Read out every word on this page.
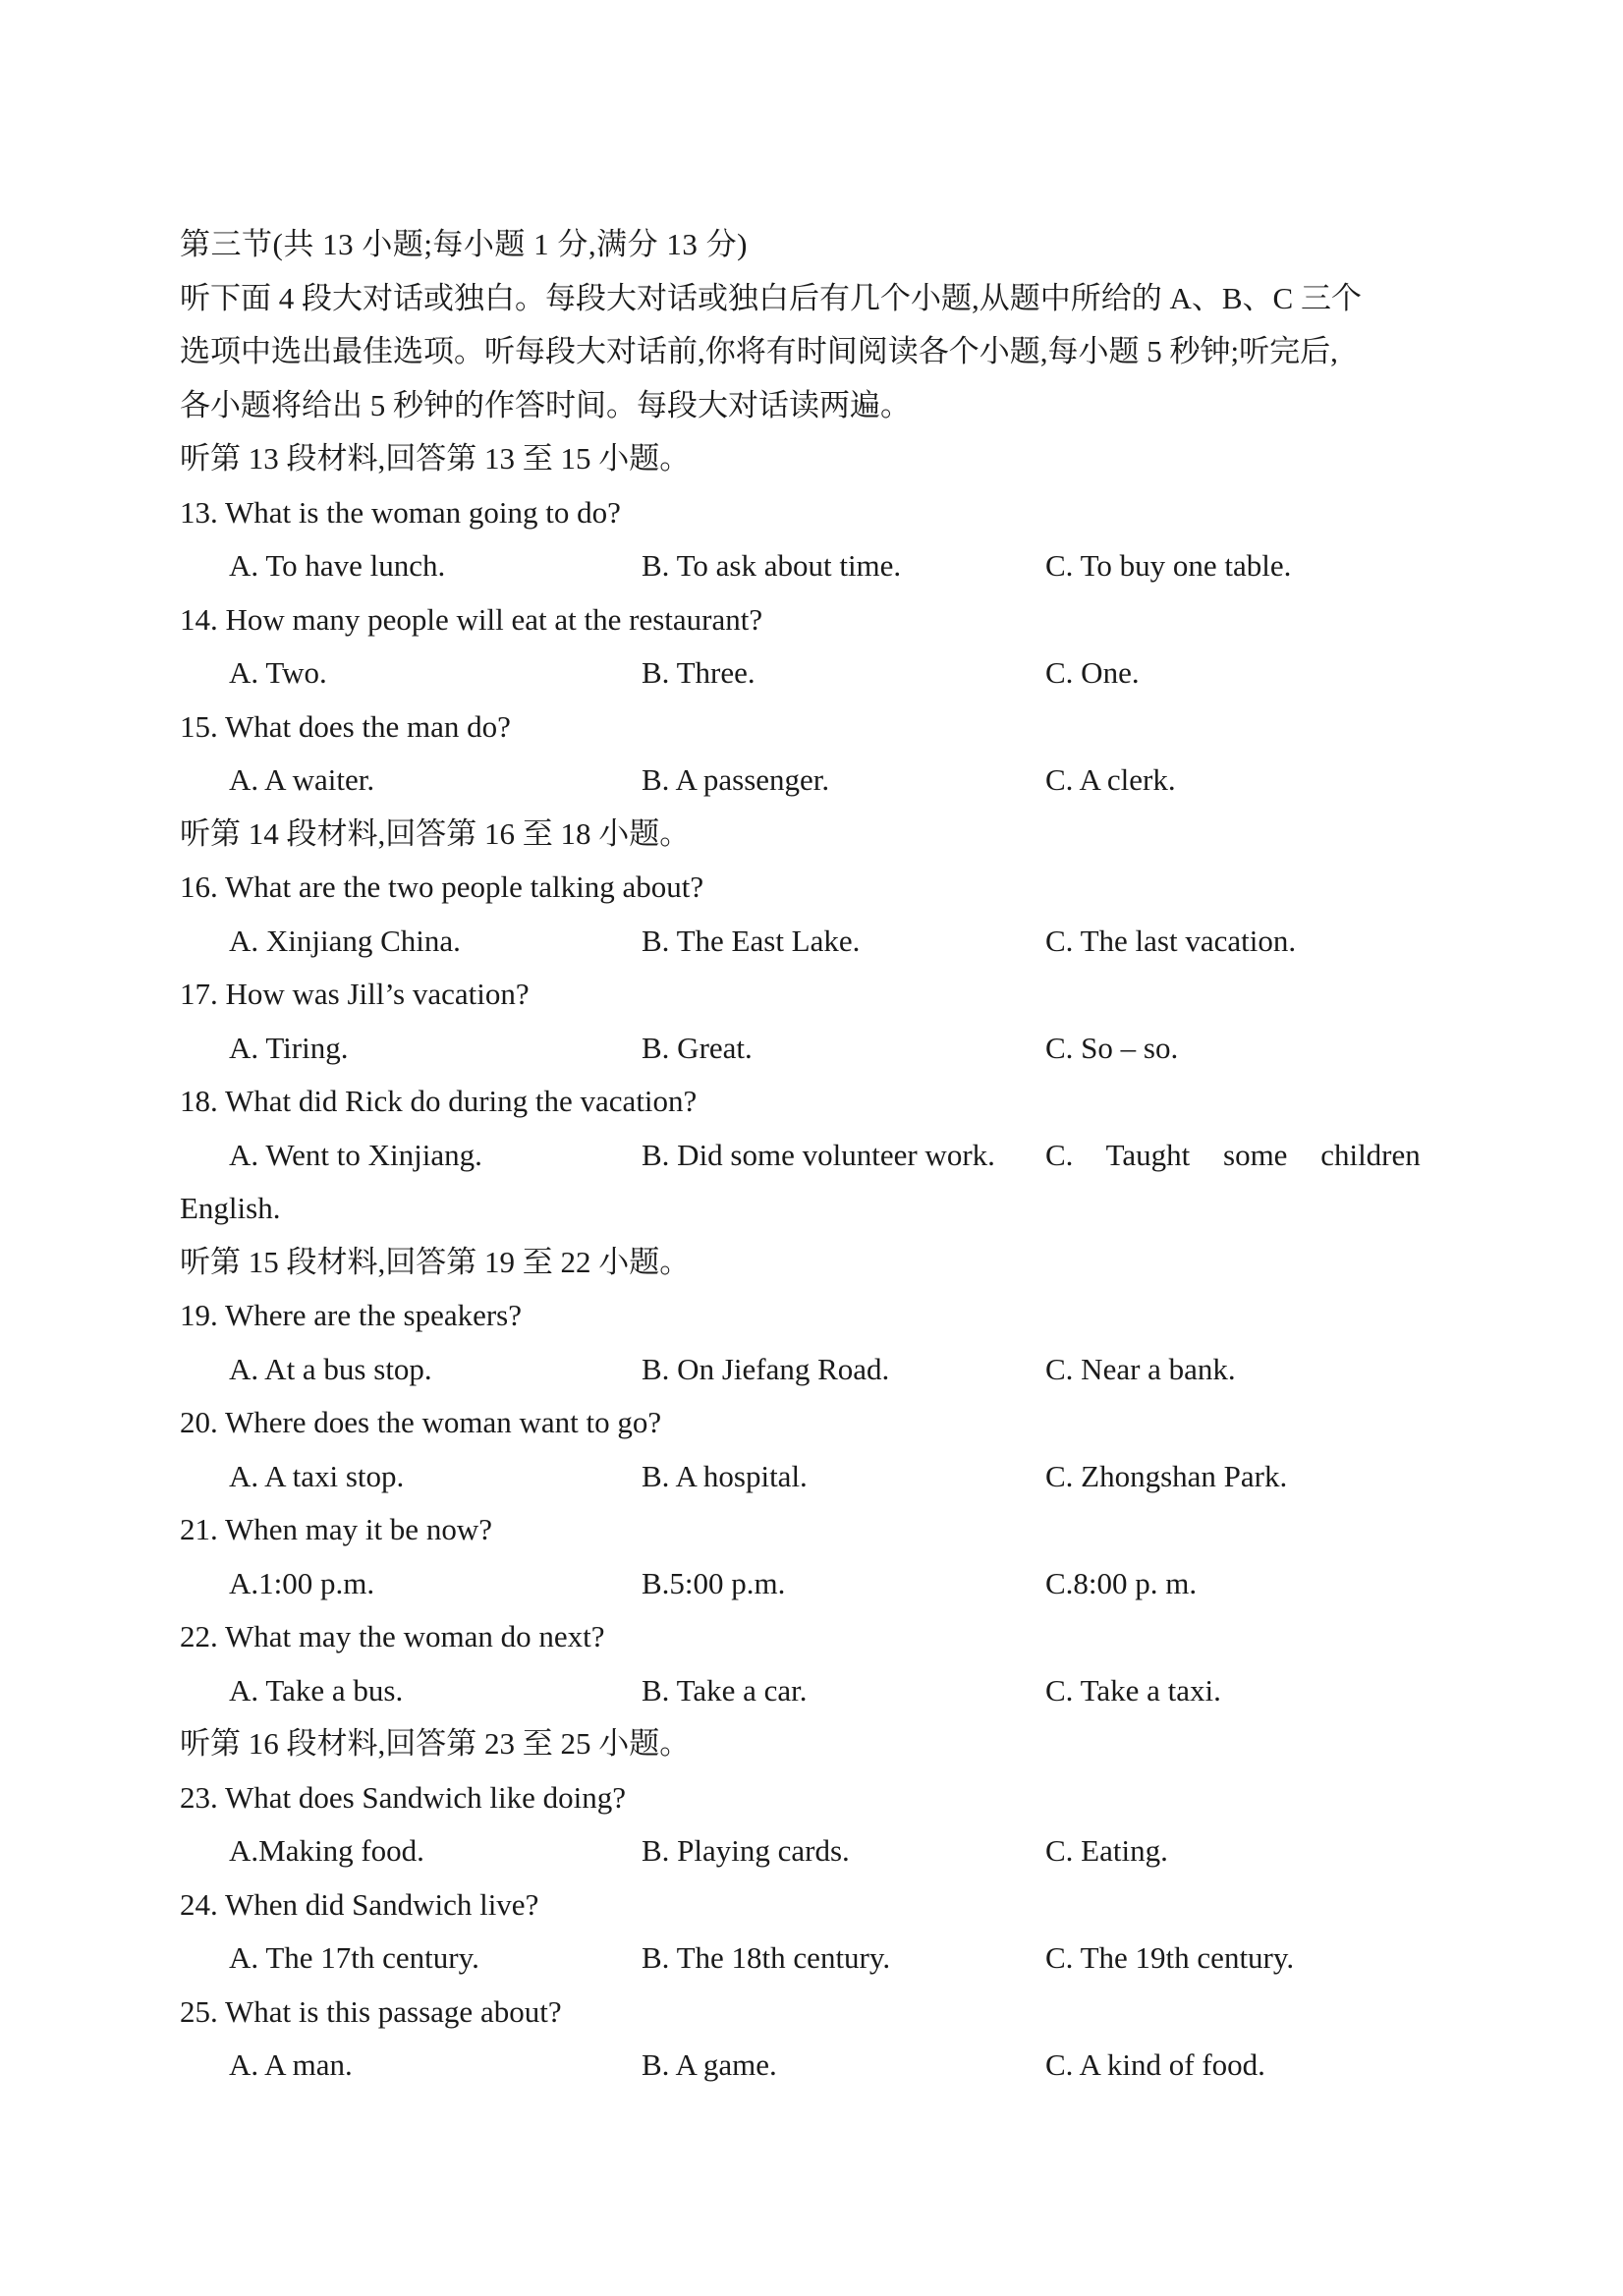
第三节(共 13 小题;每小题 1 分,满分 13 分)
听下面 4 段大对话或独白。每段大对话或独白后有几个小题,从题中所给的 A、B、C 三个
选项中选出最佳选项。听每段大对话前,你将有时间阅读各个小题,每小题 5 秒钟;听完后,
各小题将给出 5 秒钟的作答时间。每段大对话读两遍。
听第 13 段材料,回答第 13 至 15 小题。
13. What is the woman going to do?
A. To have lunch.	B. To ask about time.	C. To buy one table.
14. How many people will eat at the restaurant?
A. Two.	B. Three.	C. One.
15. What does the man do?
A. A waiter.	B. A passenger.	C. A clerk.
听第 14 段材料,回答第 16 至 18 小题。
16. What are the two people talking about?
A. Xinjiang China.	B. The East Lake.	C. The last vacation.
17. How was Jill’s vacation?
A. Tiring.	B. Great.	C. So – so.
18. What did Rick do during the vacation?
A. Went to Xinjiang.	B. Did some volunteer work. C. Taught some children
English.
听第 15 段材料,回答第 19 至 22 小题。
19. Where are the speakers?
A. At a bus stop.	B. On Jiefang Road.	C. Near a bank.
20. Where does the woman want to go?
A. A taxi stop.	B. A hospital.	C. Zhongshan Park.
21. When may it be now?
A.1:00 p.m.	B.5:00 p.m.	C.8:00 p. m.
22. What may the woman do next?
A. Take a bus.	B. Take a car.	C. Take a taxi.
听第 16 段材料,回答第 23 至 25 小题。
23. What does Sandwich like doing?
A.Making food.	B. Playing cards.	C. Eating.
24. When did Sandwich live?
A. The 17th century.	B. The 18th century.	C. The 19th century.
25. What is this passage about?
A. A man.	B. A game.	C. A kind of food.
